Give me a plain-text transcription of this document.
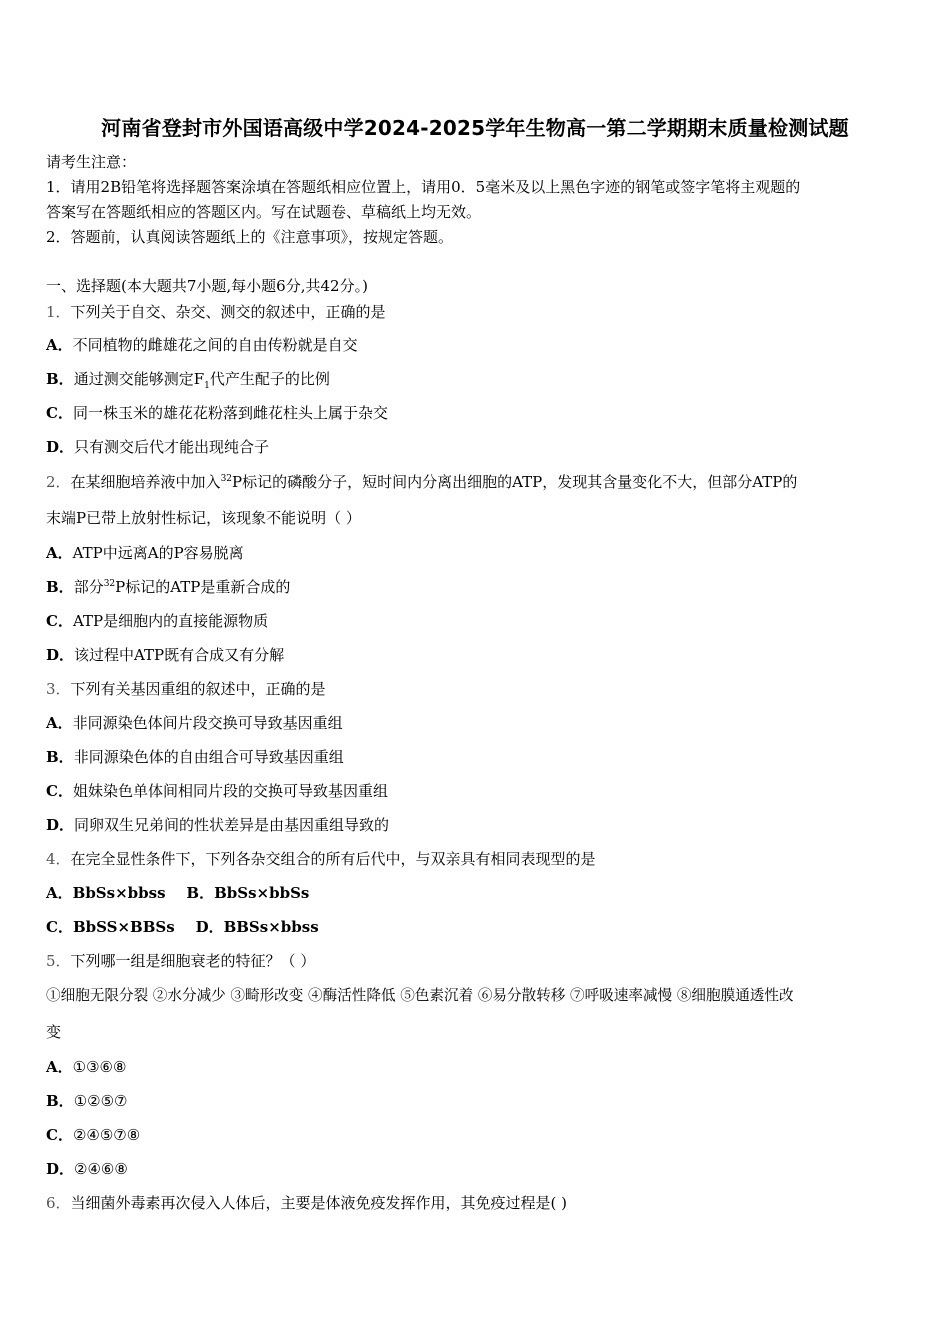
河南省登封市外国语高级中学2024-2025学年生物高一第二学期期末质量检测试题
请考生注意：
1．请用2B铅笔将选择题答案涂填在答题纸相应位置上，请用0．5毫米及以上黑色字迹的钢笔或签字笔将主观题的
答案写在答题纸相应的答题区内。写在试题卷、草稿纸上均无效。
2．答题前，认真阅读答题纸上的《注意事项》，按规定答题。
一、选择题(本大题共7小题,每小题6分,共42分。)
1．下列关于自交、杂交、测交的叙述中，正确的是
A．不同植物的雌雄花之间的自由传粉就是自交
B．通过测交能够测定$F_1$代产生配子的比例
C．同一株玉米的雄花花粉落到雌花柱头上属于杂交
D．只有测交后代才能出现纯合子
2．在某细胞培养液中加入$^{32}$P标记的磷酸分子，短时间内分离出细胞的ATP，发现其含量变化不大，但部分ATP的
末端P已带上放射性标记，该现象不能说明（ ）
A．ATP中远离A的P容易脱离
B．部分$^{32}$P标记的ATP是重新合成的
C．ATP是细胞内的直接能源物质
D．该过程中ATP既有合成又有分解
3．下列有关基因重组的叙述中，正确的是
A．非同源染色体间片段交换可导致基因重组
B．非同源染色体的自由组合可导致基因重组
C．姐妹染色单体间相同片段的交换可导致基因重组
D．同卵双生兄弟间的性状差异是由基因重组导致的
4．在完全显性条件下，下列各杂交组合的所有后代中，与双亲具有相同表现型的是
A．BbSs×bbss B．BbSs×bbSs
C．BbSS×BBSs D．BBSs×bbss
5．下列哪一组是细胞衰老的特征？（ ）
①细胞无限分裂 ②水分减少 ③畸形改变 ④酶活性降低 ⑤色素沉着 ⑥易分散转移 ⑦呼吸速率减慢 ⑧细胞膜通透性改
变
A．①③⑥⑧
B．①②⑤⑦
C．②④⑤⑦⑧
D．②④⑥⑧
6．当细菌外毒素再次侵入人体后，主要是体液免疫发挥作用，其免疫过程是( )
